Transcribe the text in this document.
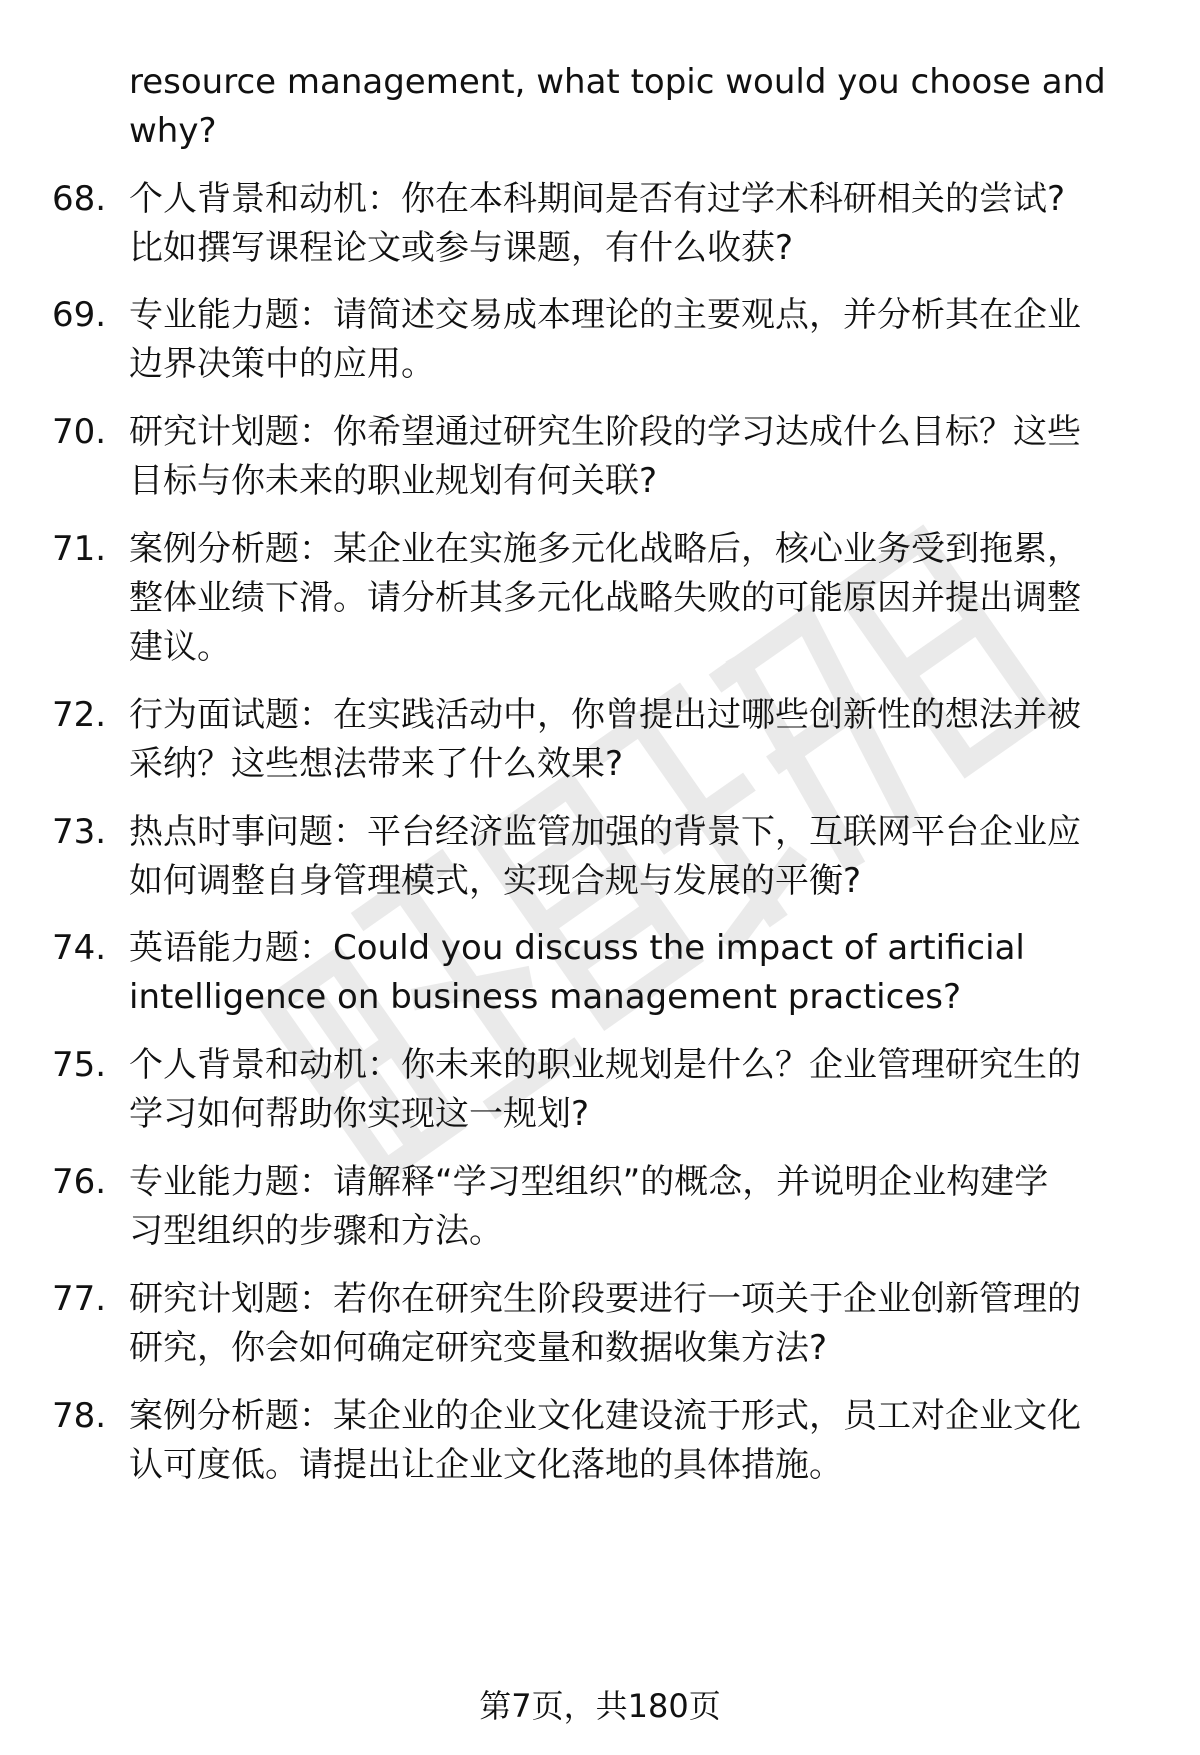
resource management, what topic would you choose and
why?
68. 个人背景和动机：你在本科期间是否有过学术科研相关的尝试?
比如撰写课程论文或参与课题，有什么收获?
69. 专业能力题：请简述交易成本理论的主要观点，并分析其在企业
边界决策中的应用。
70. 研究计划题：你希望通过研究生阶段的学习达成什么目标？这些
目标与你未来的职业规划有何关联?
71. 案例分析题：某企业在实施多元化战略后，核心业务受到拖累，
整体业绩下滑。请分析其多元化战略失败的可能原因并提出调整
建议。
72. 行为面试题：在实践活动中，你曾提出过哪些创新性的想法并被
采纳？这些想法带来了什么效果?
73. 热点时事问题：平台经济监管加强的背景下，互联网平台企业应
如何调整自身管理模式，实现合规与发展的平衡?
74. 英语能力题：Could you discuss the impact of artificial
intelligence on business management practices?
75. 个人背景和动机：你未来的职业规划是什么？企业管理研究生的
学习如何帮助你实现这一规划?
76. 专业能力题：请解释“学习型组织”的概念，并说明企业构建学
习型组织的步骤和方法。
77. 研究计划题：若你在研究生阶段要进行一项关于企业创新管理的
研究，你会如何确定研究变量和数据收集方法?
78. 案例分析题：某企业的企业文化建设流于形式，员工对企业文化
认可度低。请提出让企业文化落地的具体措施。
第7页，共180页
